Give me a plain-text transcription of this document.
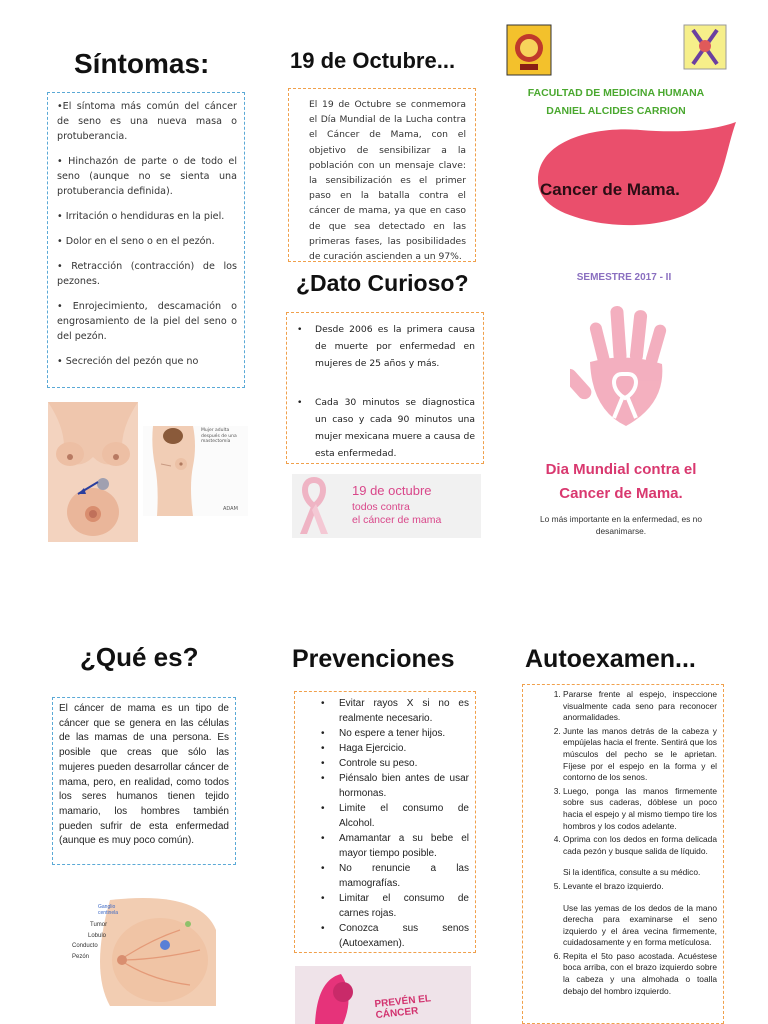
Síntomas:

•El síntoma más común del cáncer de seno es una nueva masa o protuberancia.

• Hinchazón de parte o de todo el seno (aunque no se sienta una protuberancia definida).

• Irritación o hendiduras en la piel.

• Dolor en el seno o en el pezón.

• Retracción (contracción) de los pezones.

• Enrojecimiento, descamación o engrosamiento de la piel del seno o del pezón.

• Secreción del pezón que no

Mujer adulta después de una mastectomía
ADAM
19 de Octubre...
El 19 de Octubre se conmemora el Día Mundial de la Lucha contra el Cáncer de Mama, con el objetivo de sensibilizar a la población con un mensaje clave: la sensibilización es el primer paso en la batalla contra el cáncer de mama, ya que en caso de que sea detectado en las primeras fases, las posibilidades de curación ascienden a un 97%.
¿Dato Curioso?
• Desde 2006 es la primera causa de muerte por enfermedad en mujeres de 25 años y más.
• Cada 30 minutos se diagnostica un caso y cada 90 minutos una mujer mexicana muere a causa de esta enfermedad.
19 de octubre
todos contra
el cáncer de mama
FACULTAD DE MEDICINA HUMANA
DANIEL ALCIDES CARRION
Cancer de Mama.
SEMESTRE 2017 - II
Dia Mundial contra el
Cancer de Mama.
Lo más importante en la enfermedad, es no
desanimarse.
¿Qué es?
El cáncer de mama es un tipo de cáncer que se genera en las células de las mamas de una persona. Es posible que creas que sólo las mujeres pueden desarrollar cáncer de mama, pero, en realidad, como todos los seres humanos tienen tejido mamario, los hombres también pueden sufrir de esta enfermedad (aunque es muy poco común).
Ganglio centinela
Tumor
Lobulo
Conducto
Pezón
Prevenciones
• Evitar rayos X si no es realmente necesario.
• No espere a tener hijos.
• Haga Ejercicio.
• Controle su peso.
• Piénsalo bien antes de usar hormonas.
• Limite el consumo de Alcohol.
• Amamantar a su bebe el mayor tiempo posible.
• No renuncie a las mamografías.
• Limitar el consumo de carnes rojas.
• Conozca sus senos (Autoexamen).
PREVÉN EL CÁNCER
Autoexamen...
1. Pararse frente al espejo, inspeccione visualmente cada seno para reconocer anormalidades.
2. Junte las manos detrás de la cabeza y empújelas hacia el frente. Sentirá que los músculos del pecho se le aprietan. Fíjese por el espejo en la forma y el contorno de los senos.
3. Luego, ponga las manos firmemente sobre sus caderas, dóblese un poco hacia el espejo y al mismo tiempo tire los hombros y los codos adelante.
4. Oprima con los dedos en forma delicada cada pezón y busque salida de líquido.
Si la identifica, consulte a su médico.
5. Levante el brazo izquierdo.
Use las yemas de los dedos de la mano derecha para examinarse el seno izquierdo y el área vecina firmemente, cuidadosamente y en forma metículosa.
6. Repita el 5to paso acostada. Acuéstese boca arriba, con el brazo izquierdo sobre la cabeza y una almohada o toalla debajo del hombro izquierdo.
